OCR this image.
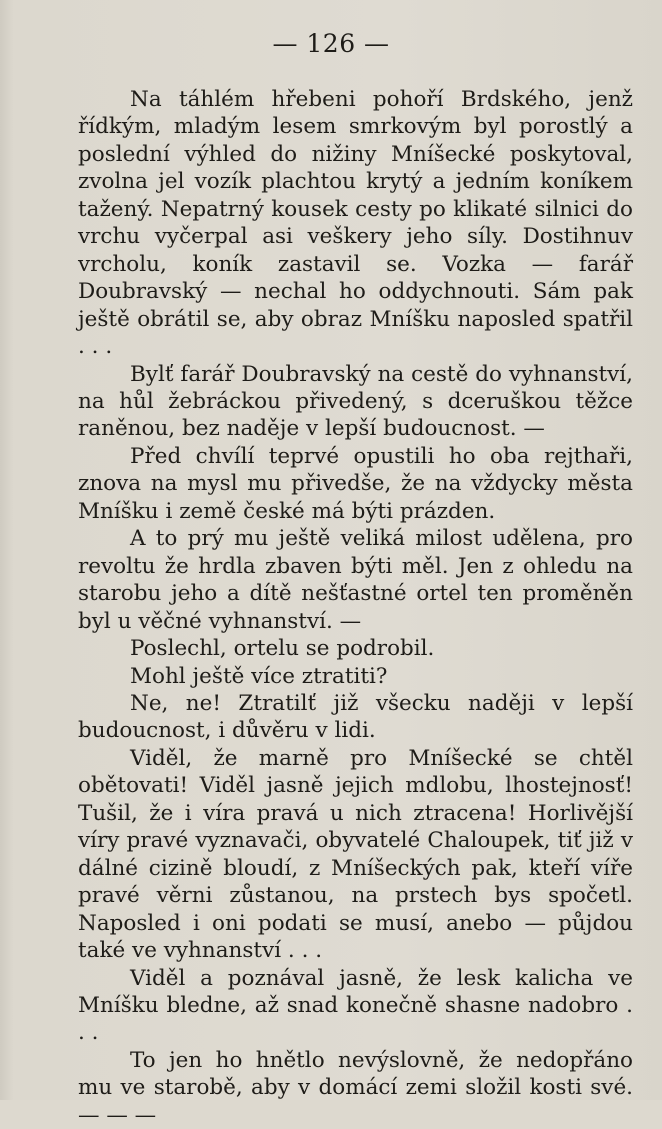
— 126 —

Na táhlém hřebeni pohoří Brdského, jenž řídkým, mladým lesem smrkovým byl porostlý a poslední výhled do nižiny Mníšecké poskytoval, zvolna jel vozík plachtou krytý a jedním koníkem tažený. Nepatrný kousek cesty po klikaté silnici do vrchu vyčerpal asi veškery jeho síly. Dostihnuv vrcholu, koník zastavil se. Vozka — farář Doubravský — nechal ho oddychnouti. Sám pak ještě obrátil se, aby obraz Mníšku naposled spatřil . . .

Bylť farář Doubravský na cestě do vyhnanství, na hůl žebráckou přivedený, s dceruškou těžce raněnou, bez naděje v lepší budoucnost. —

Před chvílí teprvé opustili ho oba rejthaři, znova na mysl mu přivedše, že na vždycky města Mníšku i země české má býti prázden.

A to prý mu ještě veliká milost udělena, pro revoltu že hrdla zbaven býti měl. Jen z ohledu na starobu jeho a dítě nešťastné ortel ten proměněn byl u věčné vyhnanství. —

Poslechl, ortelu se podrobil.

Mohl ještě více ztratiti?

Ne, ne! Ztratilť již všecku naději v lepší budoucnost, i důvěru v lidi.

Viděl, že marně pro Mníšecké se chtěl obětovati! Viděl jasně jejich mdlobu, lhostejnosť! Tušil, že i víra pravá u nich ztracena! Horlivější víry pravé vyznavači, obyvatelé Chaloupek, tiť již v dálné cizině bloudí, z Mníšeckých pak, kteří víře pravé věrni zůstanou, na prstech bys spočetl. Naposled i oni podati se musí, anebo — půjdou také ve vyhnanství . . .

Viděl a poznával jasně, že lesk kalicha ve Mníšku bledne, až snad konečně shasne nadobro . . .

To jen ho hnětlo nevýslovně, že nedopřáno mu ve starobě, aby v domácí zemi složil kosti své. — — —
